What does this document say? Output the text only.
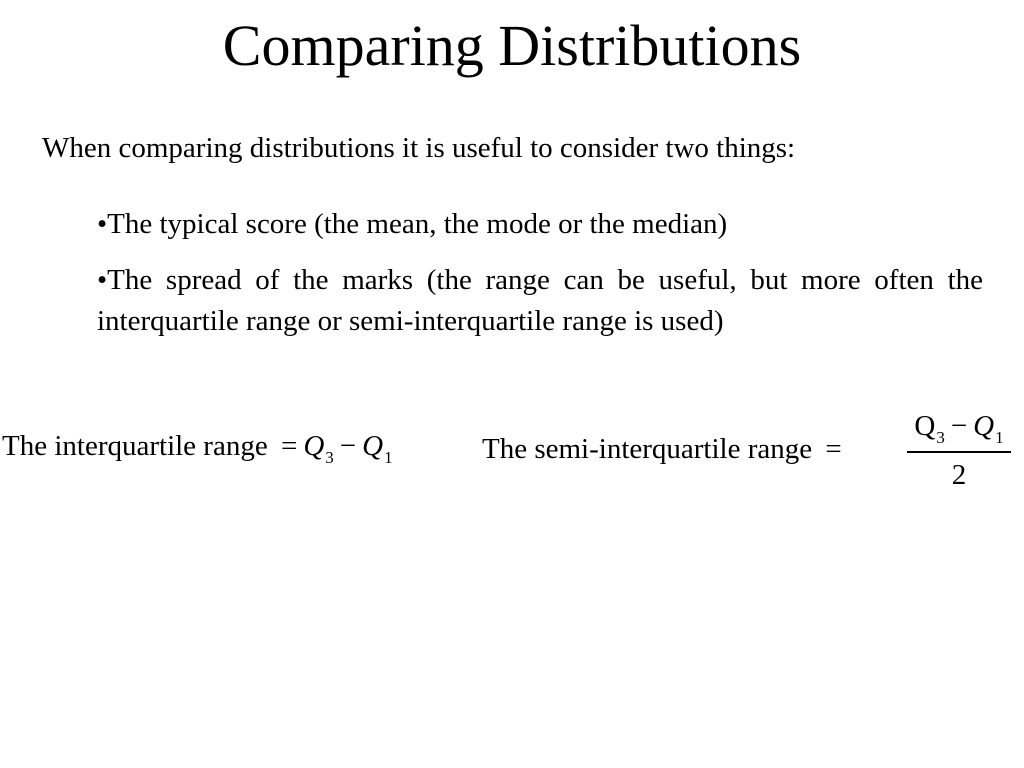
Comparing Distributions
When comparing distributions it is useful to consider two things:
•The typical score (the mean, the mode or the median)
•The spread of the marks (the range can be useful, but more often the interquartile range or semi-interquartile range is used)
The interquartile range = $Q_3 - Q_1$	The semi-interquartile range =
$Q_3 - Q_1$
2
